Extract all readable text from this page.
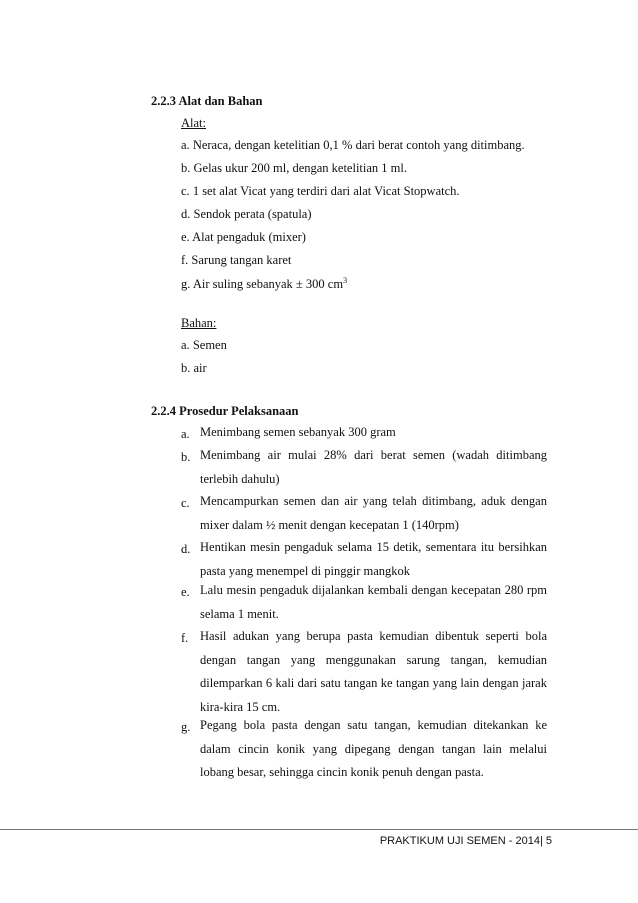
2.2.3 Alat dan Bahan
Alat:
a. Neraca, dengan ketelitian 0,1 % dari berat contoh yang ditimbang.
b. Gelas ukur 200 ml, dengan ketelitian 1 ml.
c. 1 set alat Vicat yang terdiri dari alat Vicat Stopwatch.
d. Sendok perata (spatula)
e. Alat pengaduk (mixer)
f. Sarung tangan karet
g. Air suling sebanyak ± 300 $cm^3$
Bahan:
a. Semen
b. air
2.2.4 Prosedur Pelaksanaan
a. Menimbang semen sebanyak 300 gram
b. Menimbang air mulai 28% dari berat semen (wadah ditimbang terlebih dahulu)
c. Mencampurkan semen dan air yang telah ditimbang, aduk dengan mixer dalam ½ menit dengan kecepatan 1 (140rpm)
d. Hentikan mesin pengaduk selama 15 detik, sementara itu bersihkan pasta yang menempel di pinggir mangkok
e. Lalu mesin pengaduk dijalankan kembali dengan kecepatan 280 rpm selama 1 menit.
f. Hasil adukan yang berupa pasta kemudian dibentuk seperti bola dengan tangan yang menggunakan sarung tangan, kemudian dilemparkan 6 kali dari satu tangan ke tangan yang lain dengan jarak kira-kira 15 cm.
g. Pegang bola pasta dengan satu tangan, kemudian ditekankan ke dalam cincin konik yang dipegang dengan tangan lain melalui lobang besar, sehingga cincin konik penuh dengan pasta.
PRAKTIKUM UJI SEMEN - 2014| 5
